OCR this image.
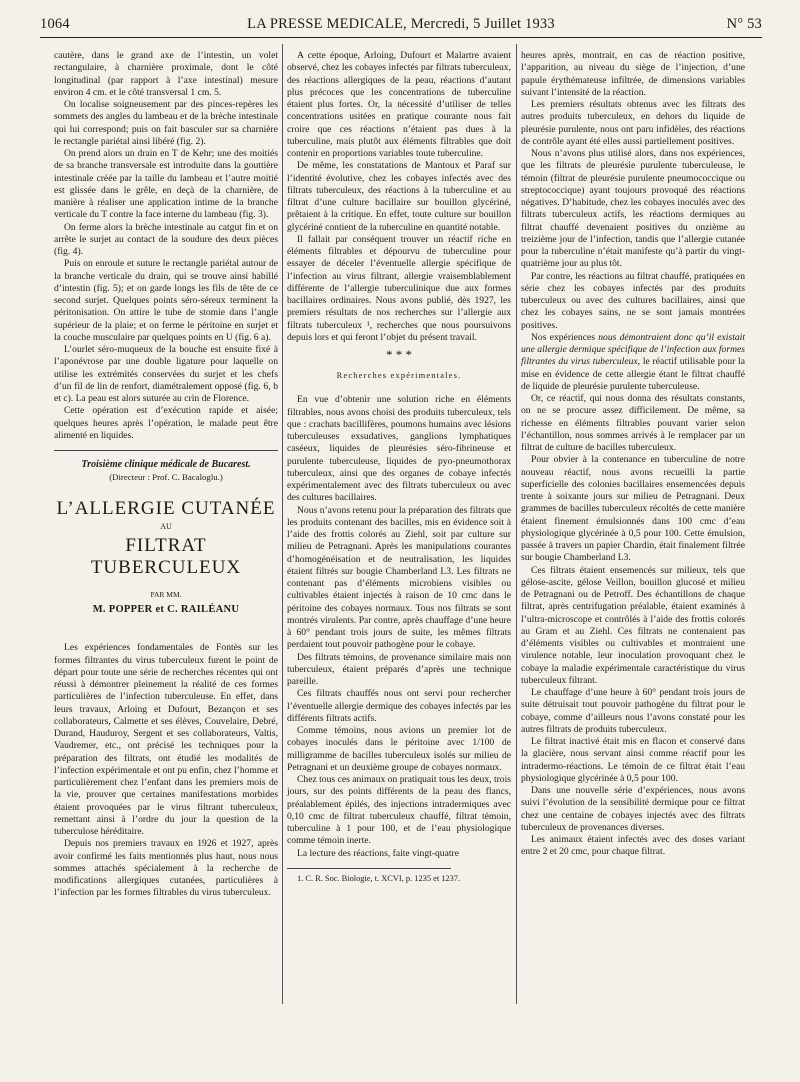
1064	LA PRESSE MEDICALE, Mercredi, 5 Juillet 1933	N° 53

cautère, dans le grand axe de l’intestin, un volet rectangulaire, à charnière proximale, dont le côté longitudinal (par rapport à l’axe intestinal) mesure environ 4 cm. et le côté transversal 1 cm. 5.

On localise soigneusement par des pinces-repères les sommets des angles du lambeau et de la brèche intestinale qui lui correspond; puis on fait basculer sur sa charnière le rectangle pariétal ainsi libéré (fig. 2).

On prend alors un drain en T de Kehr; une des moitiés de sa branche transversale est introduite dans la gouttière intestinale créée par la taille du lambeau et l’autre moitié est glissée dans le grêle, en deçà de la charnière, de manière à réaliser une application intime de la branche verticale du T contre la face interne du lambeau (fig. 3).

On ferme alors la brèche intestinale au catgut fin et on arrête le surjet au contact de la soudure des deux pièces (fig. 4).

Puis on enroule et suture le rectangle pariétal autour de la branche verticale du drain, qui se trouve ainsi habillé d’intestin (fig. 5); et on garde longs les fils de tête de ce second surjet. Quelques points séro-séreux terminent la péritonisation. On attire le tube de stomie dans l’angle supérieur de la plaie; et on ferme le péritoine en surjet et la couche musculaire par quelques points en U (fig. 6 a).

L’ourlet séro-muqueux de la bouche est ensuite fixé à l’aponévrose par une double ligature pour laquelle on utilise les extrémités conservées du surjet et les chefs d’un fil de lin de renfort, diamétralement opposé (fig. 6, b et c). La peau est alors suturée au crin de Florence.

Cette opération est d’exécution rapide et aisée; quelques heures après l’opération, le malade peut être alimenté en liquides.

Troisième clinique médicale de Bucarest.
(Directeur : Prof. C. Bacaloglu.)
L’ALLERGIE CUTANÉE
AU
FILTRAT TUBERCULEUX
PAR MM.
M. POPPER et C. RAILÉANU

Les expériences fondamentales de Fontès sur les formes filtrantes du virus tuberculeux furent le point de départ pour toute une série de recherches récentes qui ont réussi à démontrer pleinement la réalité de ces formes particulières de l’infection tuberculeuse. En effet, dans leurs travaux, Arloing et Dufourt, Bezançon et ses collaborateurs, Calmette et ses élèves, Couvelaire, Debré, Durand, Hauduroy, Sergent et ses collaborateurs, Valtis, Vaudremer, etc., ont précisé les techniques pour la préparation des filtrats, ont étudié les modalités de l’infection expérimentale et ont pu enfin, chez l’homme et particulièrement chez l’enfant dans les premiers mois de la vie, prouver que certaines manifestations morbides étaient provoquées par le virus filtrant tuberculeux, remettant ainsi à l’ordre du jour la question de la tuberculose héréditaire.

Depuis nos premiers travaux en 1926 et 1927, après avoir confirmé les faits mentionnés plus haut, nous nous sommes attachés spécialement à la recherche de modifications allergiques cutanées, particulières à l’infection par les formes filtrables du virus tuberculeux.

A cette époque, Arloing, Dufourt et Malartre avaient observé, chez les cobayes infectés par filtrats tuberculeux, des réactions allergiques de la peau, réactions d’autant plus précoces que les concentrations de tuberculine étaient plus fortes. Or, la nécessité d’utiliser de telles concentrations usitées en pratique courante nous fait croire que ces réactions n’étaient pas dues à la tuberculine, mais plutôt aux éléments filtrables que doit contenir en proportions variables toute tuberculine.

De même, les constatations de Mantoux et Paraf sur l’identité évolutive, chez les cobayes infectés avec des filtrats tuberculeux, des réactions à la tuberculine et au filtrat d’une culture bacillaire sur bouillon glycériné, prêtaient à la critique. En effet, toute culture sur bouillon glycériné contient de la tuberculine en quantité notable.

Il fallait par conséquent trouver un réactif riche en éléments filtrables et dépourvu de tuberculine pour essayer de déceler l’éventuelle allergie spécifique de l’infection au virus filtrant, allergie vraisemblablement différente de l’allergie tuberculinique due aux formes bacillaires ordinaires. Nous avons publié, dès 1927, les premiers résultats de nos recherches sur l’allergie aux filtrats tuberculeux ¹, recherches que nous poursuivons depuis lors et qui feront l’objet du présent travail.

* * *
Recherches expérimentales.

En vue d’obtenir une solution riche en éléments filtrables, nous avons choisi des produits tuberculeux, tels que : crachats bacillifères, poumons humains avec lésions tuberculeuses exsudatives, ganglions lymphatiques caséeux, liquides de pleurésies séro-fibrineuse et purulente tuberculeuse, liquides de pyo-pneumothorax tuberculeux, ainsi que des organes de cobaye infectés expérimentalement avec des filtrats tuberculeux ou avec des cultures bacillaires.

Nous n’avons retenu pour la préparation des filtrats que les produits contenant des bacilles, mis en évidence soit à l’aide des frottis colorés au Ziehl, soit par culture sur milieu de Petragnani. Après les manipulations courantes d’homogénéisation et de neutralisation, les liquides étaient filtrés sur bougie Chamberland L3. Les filtrats ne contenant pas d’éléments microbiens visibles ou cultivables étaient injectés à raison de 10 cmc dans le péritoine des cobayes normaux. Tous nos filtrats se sont montrés virulents. Par contre, après chauffage d’une heure à 60° pendant trois jours de suite, les mêmes filtrats perdaient tout pouvoir pathogène pour le cobaye.

Des filtrats témoins, de provenance similaire mais non tuberculeux, étaient préparés d’après une technique pareille.

Ces filtrats chauffés nous ont servi pour rechercher l’éventuelle allergie dermique des cobayes infectés par les différents filtrats actifs.

Comme témoins, nous avions un premier lot de cobayes inoculés dans le péritoine avec 1/100 de milligramme de bacilles tuberculeux isolés sur milieu de Petragnani et un deuxième groupe de cobayes normaux.

Chez tous ces animaux on pratiquait tous les deux, trois jours, sur des points différents de la peau des flancs, préalablement épilés, des injections intradermiques avec 0,10 cmc de filtrat tuberculeux chauffé, filtrat témoin, tuberculine à 1 pour 100, et de l’eau physiologique comme témoin inerte.

La lecture des réactions, faite vingt-quatre

1. C. R. Soc. Biologie, t. XCVI, p. 1235 et 1237.

heures après, montrait, en cas de réaction positive, l’apparition, au niveau du siège de l’injection, d’une papule érythémateuse infiltrée, de dimensions variables suivant l’intensité de la réaction.

Les premiers résultats obtenus avec les filtrats des autres produits tuberculeux, en dehors du liquide de pleurésie purulente, nous ont paru infidèles, des réactions de contrôle ayant été elles aussi partiellement positives.

Nous n’avons plus utilisé alors, dans nos expériences, que les filtrats de pleurésie purulente tuberculeuse, le témoin (filtrat de pleurésie purulente pneumococcique ou streptococcique) ayant toujours provoqué des réactions négatives. D’habitude, chez les cobayes inoculés avec des filtrats tuberculeux actifs, les réactions dermiques au filtrat chauffé devenaient positives du onzième au treizième jour de l’infection, tandis que l’allergie cutanée pour la tuberculine n’était manifeste qu’à partir du vingt-quatrième jour au plus tôt.

Par contre, les réactions au filtrat chauffé, pratiquées en série chez les cobayes infectés par des produits tuberculeux ou avec des cultures bacillaires, ainsi que chez les cobayes sains, ne se sont jamais montrées positives.

Nos expériences nous démontraient donc qu’il existait une allergie dermique spécifique de l’infection aux formes filtrantes du virus tuberculeux, le réactif utilisable pour la mise en évidence de cette allergie étant le filtrat chauffé de liquide de pleurésie purulente tuberculeuse.

Or, ce réactif, qui nous donna des résultats constants, on ne se procure assez difficilement. De même, sa richesse en éléments filtrables pouvant varier selon l’échantillon, nous sommes arrivés à le remplacer par un filtrat de culture de bacilles tuberculeux.

Pour obvier à la contenance en tuberculine de notre nouveau réactif, nous avons recueilli la partie superficielle des colonies bacillaires ensemencées depuis trente à soixante jours sur milieu de Petragnani. Deux grammes de bacilles tuberculeux récoltés de cette manière étaient finement émulsionnés dans 100 cmc d’eau physiologique glycérinée à 0,5 pour 100. Cette émulsion, passée à travers un papier Chardin, était finalement filtrée sur bougie Chamberland L3.

Ces filtrats étaient ensemencés sur milieux, tels que gélose-ascite, gélose Veillon, bouillon glucosé et milieu de Petragnani ou de Petroff. Des échantillons de chaque filtrat, après centrifugation préalable, étaient examinés à l’ultra-microscope et contrôlés à l’aide des frottis colorés au Gram et au Ziehl. Ces filtrats ne contenaient pas d’éléments visibles ou cultivables et montraient une virulence notable, leur inoculation provoquant chez le cobaye la maladie expérimentale caractéristique du virus tuberculeux filtrant.

Le chauffage d’une heure à 60° pendant trois jours de suite détruisait tout pouvoir pathogène du filtrat pour le cobaye, comme d’ailleurs nous l’avons constaté pour les autres filtrats de produits tuberculeux.

Le filtrat inactivé était mis en flacon et conservé dans la glacière, nous servant ainsi comme réactif pour les intradermo-réactions. Le témoin de ce filtrat était l’eau physiologique glycérinée à 0,5 pour 100.

Dans une nouvelle série d’expériences, nous avons suivi l’évolution de la sensibilité dermique pour ce filtrat chez une centaine de cobayes injectés avec des filtrats tuberculeux de provenances diverses.

Les animaux étaient infectés avec des doses variant entre 2 et 20 cmc, pour chaque filtrat.
